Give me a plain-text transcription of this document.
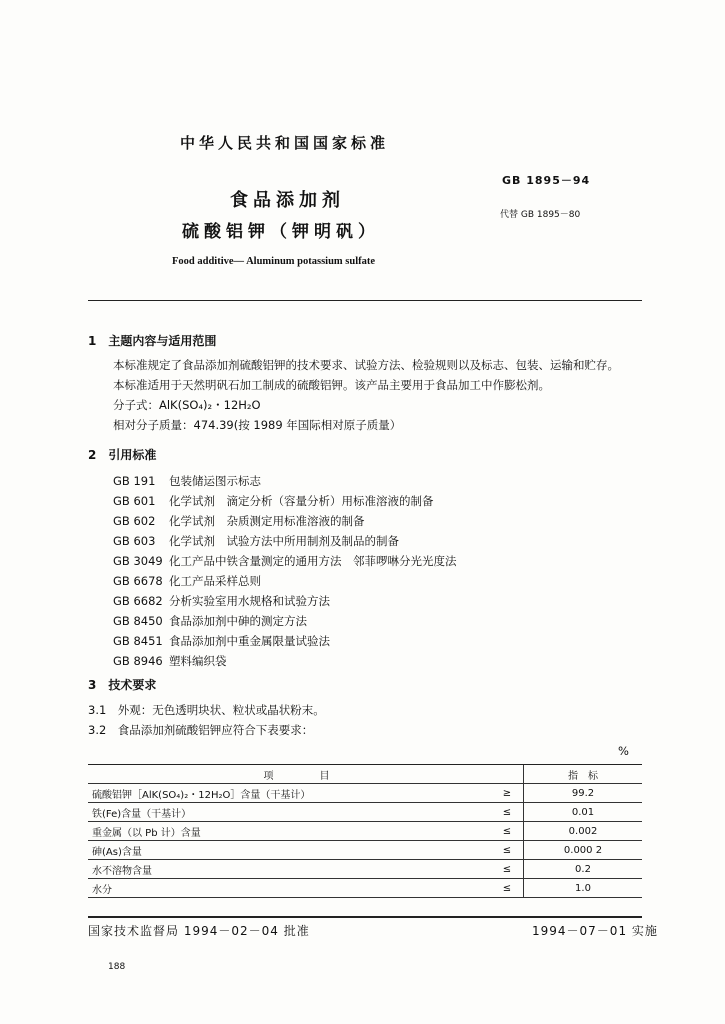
中华人民共和国国家标准
GB 1895－94
食品添加剂
硫酸铝钾（钾明矾）
代替 GB 1895－80
Food additive— Aluminum potassium sulfate
1　主题内容与适用范围
本标准规定了食品添加剂硫酸铝钾的技术要求、试验方法、检验规则以及标志、包装、运输和贮存。
本标准适用于天然明矾石加工制成的硫酸铝钾。该产品主要用于食品加工中作膨松剂。
分子式：AlK(SO₄)₂・12H₂O
相对分子质量：474.39(按 1989 年国际相对原子质量）
2　引用标准
GB 191 包装储运图示标志
GB 601 化学试剂　滴定分析（容量分析）用标准溶液的制备
GB 602 化学试剂　杂质测定用标准溶液的制备
GB 603 化学试剂　试验方法中所用制剂及制品的制备
GB 3049 化工产品中铁含量测定的通用方法　邻菲啰啉分光光度法
GB 6678 化工产品采样总则
GB 6682 分析实验室用水规格和试验方法
GB 8450 食品添加剂中砷的测定方法
GB 8451 食品添加剂中重金属限量试验法
GB 8946 塑料编织袋
3　技术要求
3.1　外观：无色透明块状、粒状或晶状粉末。
3.2　食品添加剂硫酸铝钾应符合下表要求：
%
项　目		指　标
硫酸铝钾［AlK(SO₄)₂・12H₂O］含量（干基计）	≥	99.2
铁(Fe)含量（干基计）	≤	0.01
重金属（以 Pb 计）含量	≤	0.002
砷(As)含量	≤	0.000 2
水不溶物含量	≤	0.2
水分	≤	1.0
国家技术监督局 1994－02－04 批准	1994－07－01 实施
188
